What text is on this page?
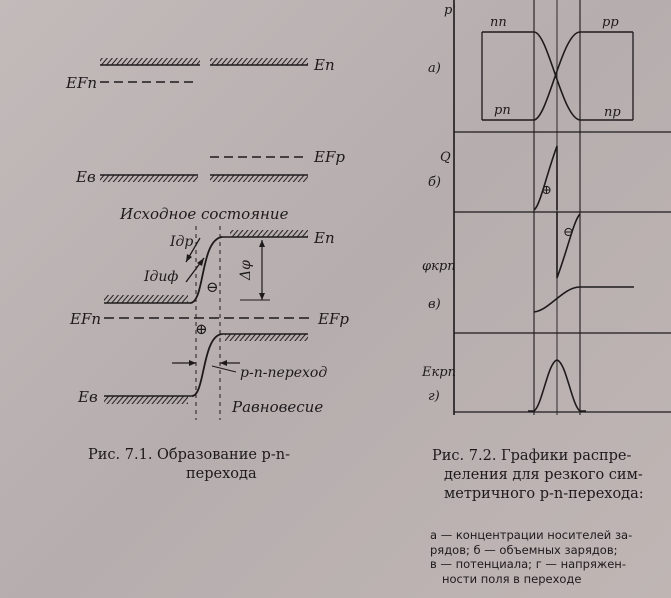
EFп
Eп
EFр
Eв
Исходное состояние
Iдр
Iдиф	Δφ
⊖
⊕
Eп
EFп	EFр
Eв
р-п-переход
Равновесие
p'
nп	pр
pп	nр
а)
Q
б)
⊕
⊖
φкрп
в)
Eкрп
г)
Рис. 7.1. Образование p-n-
перехода
Рис. 7.2. Графики распре-
деления для резкого сим-
метричного p-n-перехода:
а — концентрации носителей за-
рядов; б — объемных зарядов;
в — потенциала; г — напряжен-
ности поля в переходе
